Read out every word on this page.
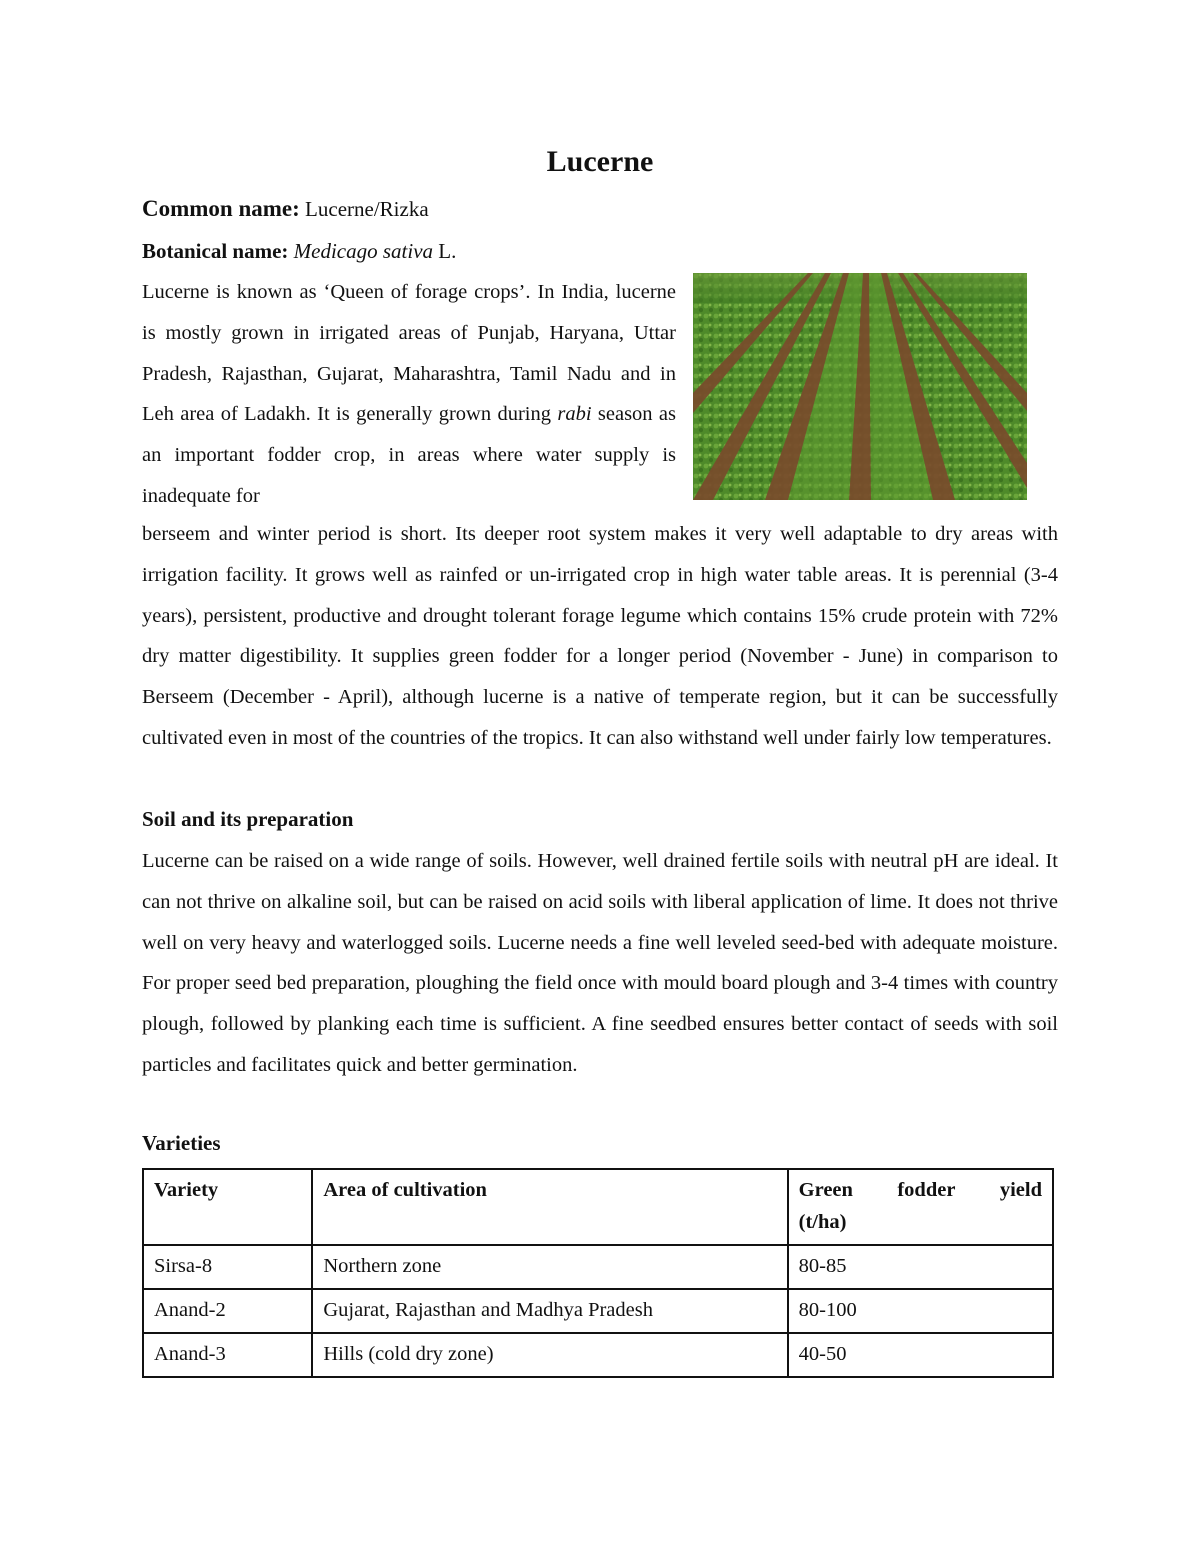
Lucerne
Common name: Lucerne/Rizka
Botanical name: Medicago sativa L.

Lucerne is known as ‘Queen of forage crops’. In India, lucerne is mostly grown in irrigated areas of Punjab, Haryana, Uttar Pradesh, Rajasthan, Gujarat, Maharashtra, Tamil Nadu and in Leh area of Ladakh. It is generally grown during rabi season as an important fodder crop, in areas where water supply is inadequate for

berseem and winter period is short. Its deeper root system makes it very well adaptable to dry areas with irrigation facility. It grows well as rainfed or un-irrigated crop in high water table areas. It is perennial (3-4 years), persistent, productive and drought tolerant forage legume which contains 15% crude protein with 72% dry matter digestibility. It supplies green fodder for a longer period (November - June) in comparison to Berseem (December - April), although lucerne is a native of temperate region, but it can be successfully cultivated even in most of the countries of the tropics. It can also withstand well under fairly low temperatures.

Soil and its preparation

Lucerne can be raised on a wide range of soils. However, well drained fertile soils with neutral pH are ideal. It can not thrive on alkaline soil, but can be raised on acid soils with liberal application of lime. It does not thrive well on very heavy and waterlogged soils. Lucerne needs a fine well leveled seed-bed with adequate moisture. For proper seed bed preparation, ploughing the field once with mould board plough and 3-4 times with country plough, followed by planking each time is sufficient. A fine seedbed ensures better contact of seeds with soil particles and facilitates quick and better germination.

Varieties
Variety	Area of cultivation	Green fodder yield
(t/ha)

Sirsa-8	Northern zone	80-85
Anand-2	Gujarat, Rajasthan and Madhya Pradesh	80-100
Anand-3	Hills (cold dry zone)	40-50
